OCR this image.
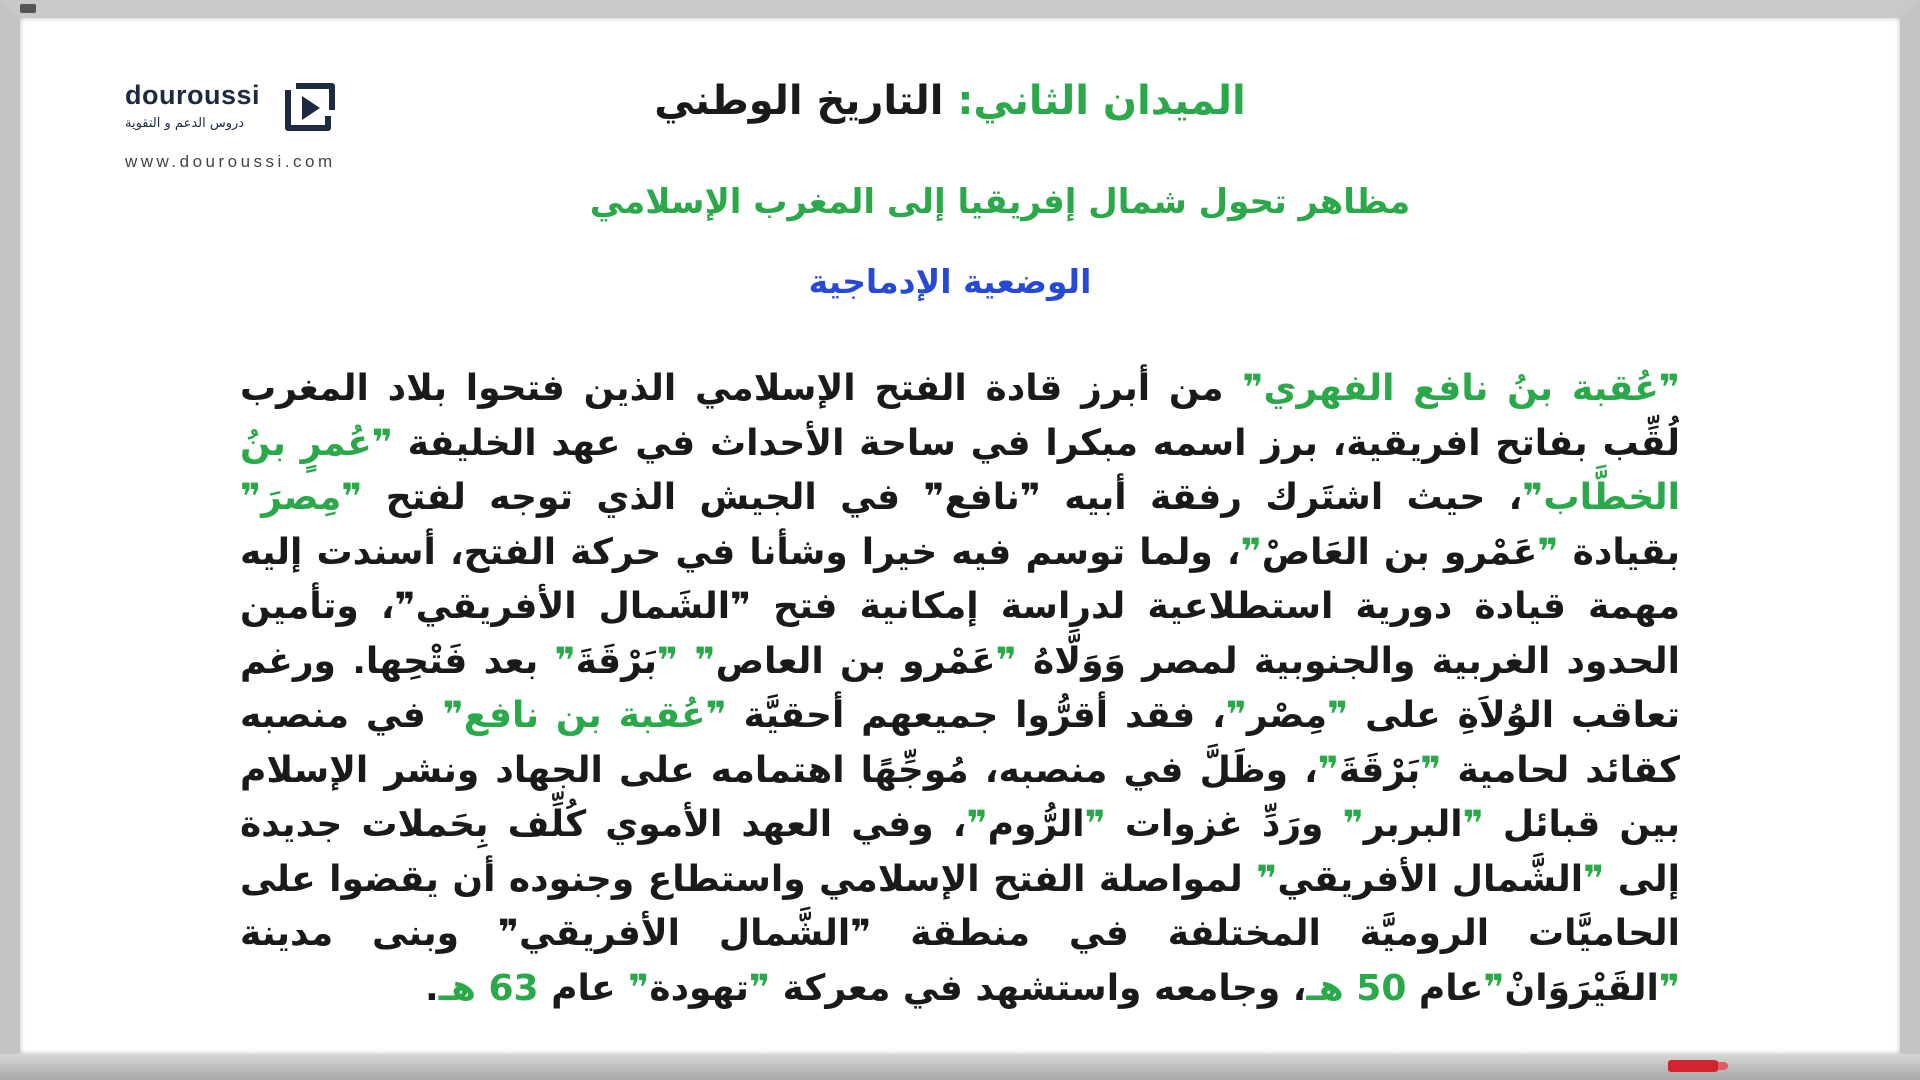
douroussi
دروس الدعم و التقوية
www.douroussi.com
الميدان الثاني: التاريخ الوطني
مظاهر تحول شمال إفريقيا إلى المغرب الإسلامي
الوضعية الإدماجية
❞عُقبة بنُ نافع الفهري❞ من أبرز قادة الفتح الإسلامي الذين فتحوا بلاد المغرب لُقِّب بفاتح افريقية، برز اسمه مبكرا في ساحة الأحداث في عهد الخليفة ❞عُمرٍ بنُ الخطَّاب❞، حيث اشتَرك رفقة أبيه ❞نافع❞ في الجيش الذي توجه لفتح ❞مِصرَ❞ بقيادة ❞عَمْرو بن العَاصْ❞، ولما توسم فيه خيرا وشأنا في حركة الفتح، أسندت إليه مهمة قيادة دورية استطلاعية لدراسة إمكانية فتح ❞الشَمال الأفريقي❞، وتأمين الحدود الغربية والجنوبية لمصر وَوَلَّاهُ ❞عَمْرو بن العاص❞ ❞بَرْقَةَ❞ بعد فَتْحِها. ورغم تعاقب الوُلاَةِ على ❞مِصْر❞، فقد أقرُّوا جميعهم أحقيَّة ❞عُقبة بن نافع❞ في منصبه كقائد لحامية ❞بَرْقَةَ❞، وظَلَّ في منصبه، مُوجِّهًا اهتمامه على الجهاد ونشر الإسلام بين قبائل ❞البربر❞ ورَدِّ غزوات ❞الرُّوم❞، وفي العهد الأموي كُلِّف بِحَملات جديدة إلى ❞الشَّمال الأفريقي❞ لمواصلة الفتح الإسلامي واستطاع وجنوده أن يقضوا على الحاميَّات الروميَّة المختلفة في منطقة ❞الشَّمال الأفريقي❞ وبنى مدينة ❞القَيْرَوَانْ❞عام 50 هـ، وجامعه واستشهد في معركة ❞تهودة❞ عام 63 هـ.
